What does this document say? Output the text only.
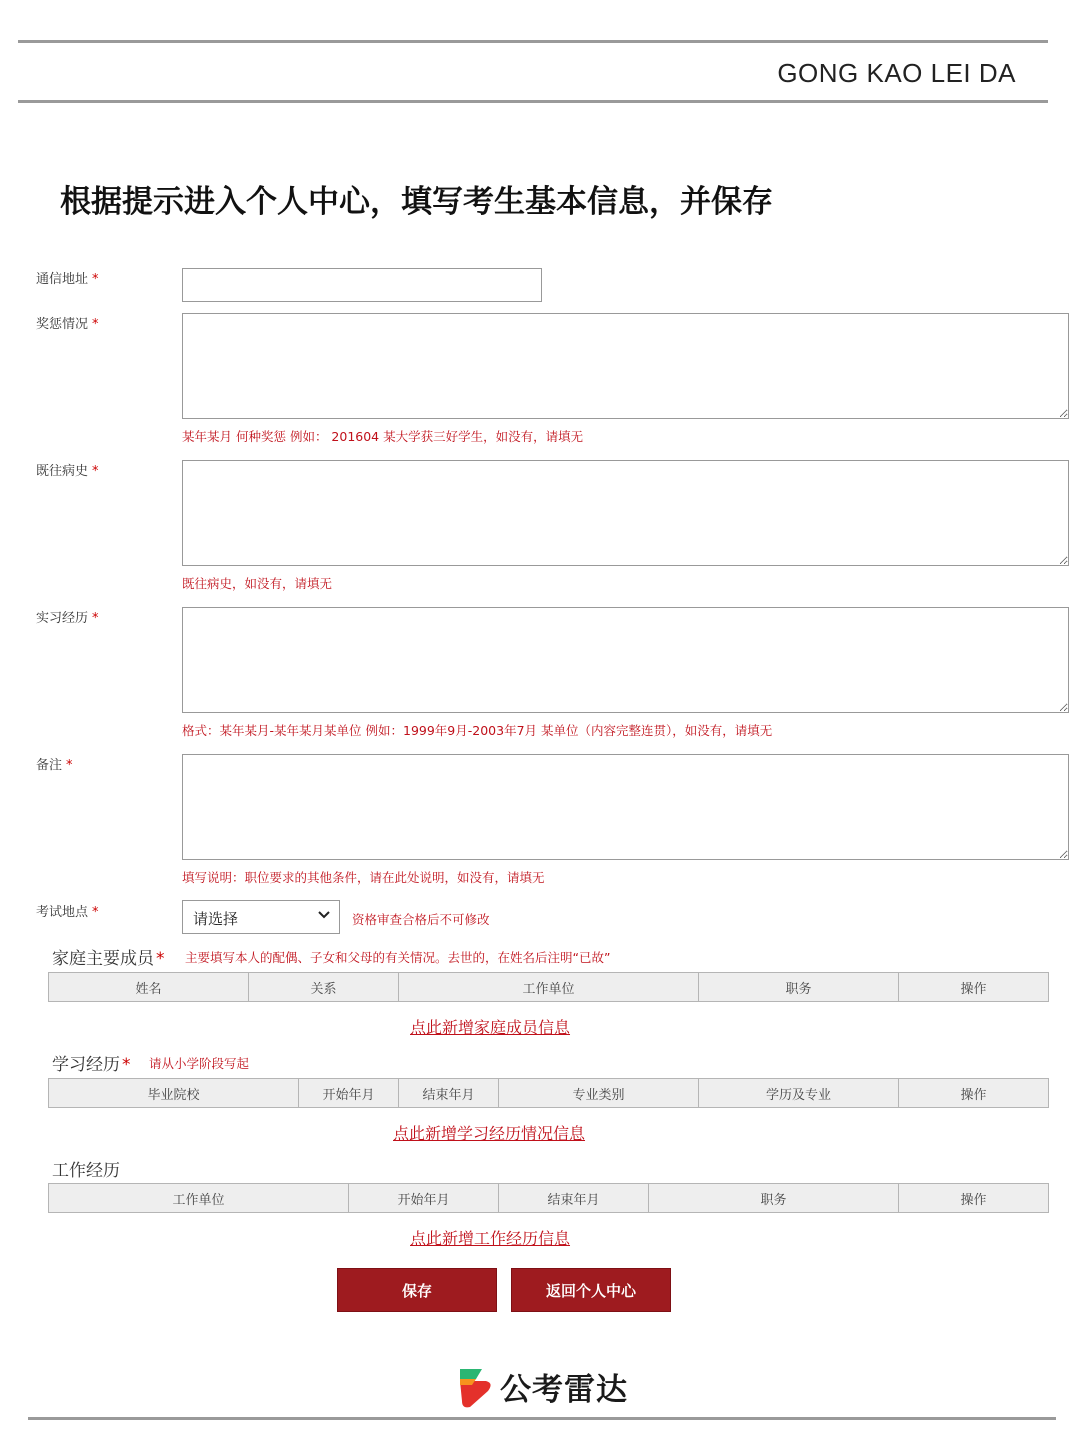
GONG KAO LEI DA
根据提示进入个人中心，填写考生基本信息，并保存
通信地址 *
奖惩情况 *
某年某月 何种奖惩 例如： 201604 某大学获三好学生，如没有，请填无
既往病史 *
既往病史，如没有，请填无
实习经历 *
格式：某年某月-某年某月某单位 例如：1999年9月-2003年7月 某单位（内容完整连贯），如没有，请填无
备注 *
填写说明：职位要求的其他条件，请在此处说明，如没有，请填无
考试地点 *	请选择	资格审查合格后不可修改
家庭主要成员 * 主要填写本人的配偶、子女和父母的有关情况。去世的，在姓名后注明“已故”
姓名	关系	工作单位	职务	操作
点此新增家庭成员信息
学习经历 * 请从小学阶段写起
毕业院校	开始年月	结束年月	专业类别	学历及专业	操作
点此新增学习经历情况信息
工作经历
工作单位	开始年月	结束年月	职务	操作
点此新增工作经历信息
保存	返回个人中心
公考雷达
